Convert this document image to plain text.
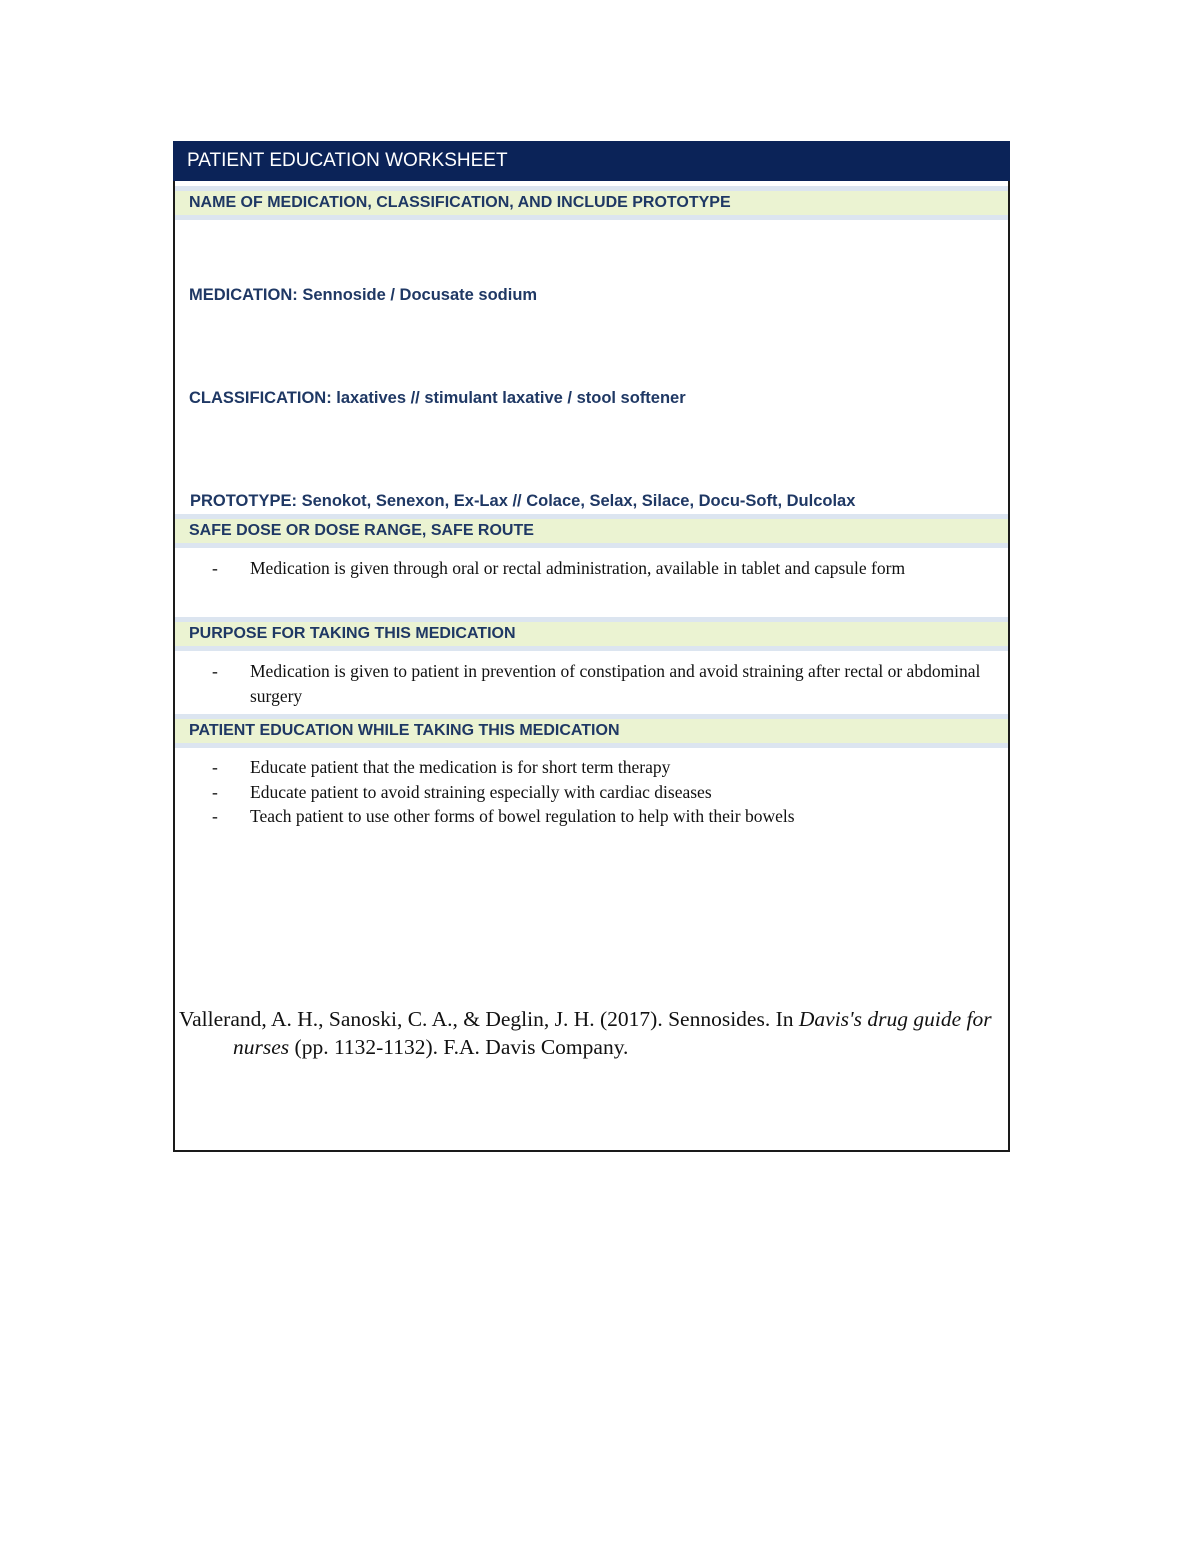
PATIENT EDUCATION WORKSHEET
NAME OF MEDICATION, CLASSIFICATION, AND INCLUDE PROTOTYPE
MEDICATION: Sennoside / Docusate sodium
CLASSIFICATION: laxatives // stimulant laxative / stool softener
PROTOTYPE: Senokot, Senexon, Ex-Lax // Colace, Selax, Silace, Docu-Soft, Dulcolax
SAFE DOSE OR DOSE RANGE, SAFE ROUTE
- Medication is given through oral or rectal administration, available in tablet and capsule form
PURPOSE FOR TAKING THIS MEDICATION
- Medication is given to patient in prevention of constipation and avoid straining after rectal or abdominal surgery
PATIENT EDUCATION WHILE TAKING THIS MEDICATION
- Educate patient that the medication is for short term therapy
- Educate patient to avoid straining especially with cardiac diseases
- Teach patient to use other forms of bowel regulation to help with their bowels
Vallerand, A. H., Sanoski, C. A., & Deglin, J. H. (2017). Sennosides. In Davis's drug guide for nurses (pp. 1132-1132). F.A. Davis Company.
